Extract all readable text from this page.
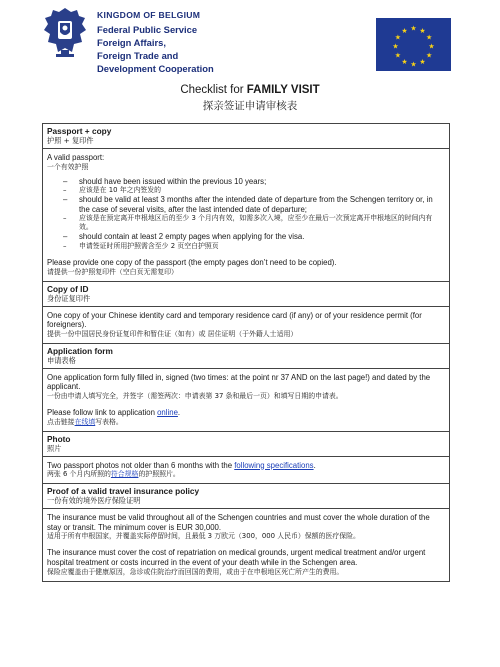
KINGDOM OF BELGIUM
Federal Public Service
Foreign Affairs,
Foreign Trade and
Development Cooperation
★ ★
★
★
★
★
★
★
★
★
★
★
Checklist for FAMILY VISIT
探亲签证申请审核表
Passport + copy
护照 + 复印件
A valid passport:
一个有效护照
– should have been issued within the previous 10 years;
– 应该是在 10 年之内签发的
– should be valid at least 3 months after the intended date of departure from the Schengen territory or, in the case of several visits, after the last intended date of departure;
– 应该是在预定离开申根地区后的至少 3 个月内有效，如需多次入境，应至少在最后一次预定离开申根地区的时间内有效。
– should contain at least 2 empty pages when applying for the visa.
– 申请签证时所用护照需含至少 2 页空白护照页
Please provide one copy of the passport (the empty pages don’t need to be copied).
请提供一份护照复印件（空白页无需复印）
Copy of ID
身份证复印件
One copy of your Chinese identity card and temporary residence card (if any) or of your residence permit (for foreigners).
提供一份中国居民身份证复印件和暂住证（如有）或 居住证明（于外籍人士适用）
Application form
申请表格
One application form fully filled in, signed (two times: at the point nr 37 AND on the last page!) and dated by the applicant.
一份由申请人填写完全，并签字（需签两次：申请表第 37 条和最后一页）和填写日期的申请表。
Please follow link to application online.
点击链接在线填写表格。
Photo
照片
Two passport photos not older than 6 months with the following specifications.
两张 6 个月内所照的符合规格的护照照片。
Proof of a valid travel insurance policy
一份有效的境外医疗保险证明
The insurance must be valid throughout all of the Schengen countries and must cover the whole duration of the stay or transit. The minimum cover is EUR 30,000.
适用于所有申根国家，并覆盖实际停留时间，且最低 3 万欧元（300，000 人民币）保额的医疗保险。
The insurance must cover the cost of repatriation on medical grounds, urgent medical treatment and/or urgent hospital treatment or costs incurred in the event of your death while in the Schengen area.
保险应覆盖由于健康原因，急诊或住院治疗而回国的费用，或由于在申根地区死亡所产生的费用。
